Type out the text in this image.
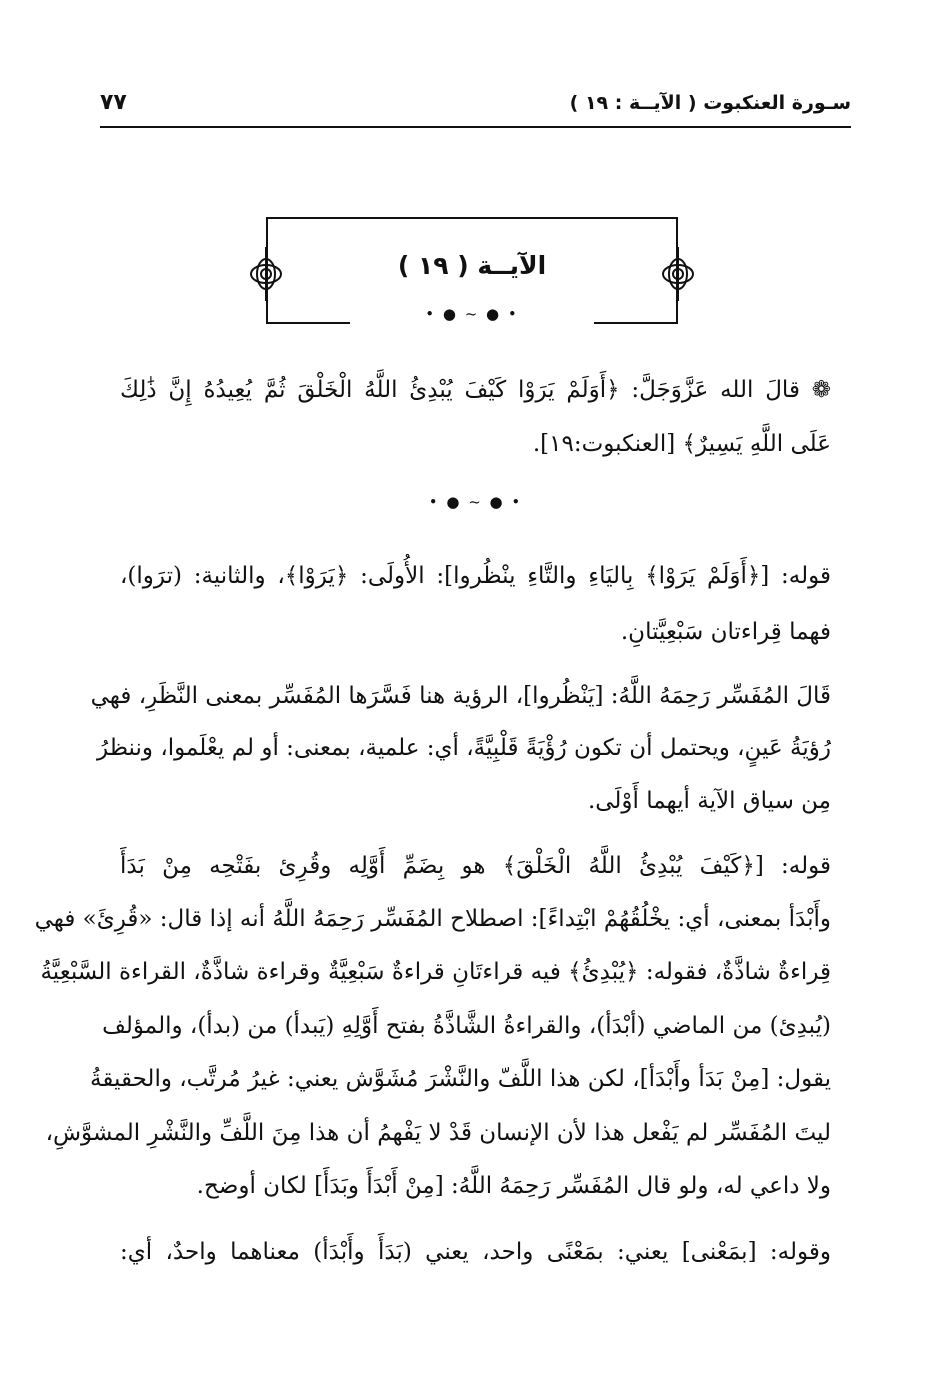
سـورة العنكبوت ( الآيــة : ١٩ )
٧٧
الآيــة ( ١٩ )
• ● ~ ● •
❁ قالَ الله عَزَّوَجَلَّ: ﴿أَوَلَمْ يَرَوْا كَيْفَ يُبْدِئُ اللَّهُ الْخَلْقَ ثُمَّ يُعِيدُهُ إِنَّ ذَٰلِكَ
عَلَى اللَّهِ يَسِيرٌ﴾ [العنكبوت:١٩].
• ● ~ ● •
قوله: [﴿أَوَلَمْ يَرَوْا﴾ بِاليَاءِ والتَّاءِ ينْظُروا]: الأُولَى: ﴿يَرَوْا﴾، والثانية: (ترَوا)،
فهما قِراءتان سَبْعِيَّتانِ.
قَالَ المُفَسِّر رَحِمَهُ اللَّهُ: [يَنْظُروا]، الرؤية هنا فَسَّرَها المُفَسِّر بمعنى النَّظَرِ، فهي
رُؤيَةُ عَينٍ، ويحتمل أن تكون رُؤْيَةً قَلْبِيَّةً، أي: علمية، بمعنى: أو لم يعْلَموا، وننظرُ
مِن سياق الآية أيهما أَوْلَى.
قوله: [﴿كَيْفَ يُبْدِئُ اللَّهُ الْخَلْقَ﴾ هو بِضَمِّ أَوَّلِه وقُرِئ بفَتْحِه مِنْ بَدَأَ
وأَبْدَأ بمعنى، أي: يخْلُقُهُمْ ابْتِداءً]: اصطلاح المُفَسِّر رَحِمَهُ اللَّهُ أنه إذا قال: «قُرِئَ» فهي
قِراءةٌ شاذَّةٌ، فقوله: ﴿يُبْدِئُ﴾ فيه قراءتَانِ قراءةٌ سَبْعِيَّةٌ وقراءة شاذَّةٌ، القراءة السَّبْعِيَّةُ
(يُبدِئ) من الماضي (أبْدَأ)، والقراءةُ الشَّاذَّةُ بفتح أَوَّلِهِ (يَبدأ) من (بدأ)، والمؤلف
يقول: [مِنْ بَدَأ وأَبْدَأ]، لكن هذا اللَّفّ والنَّشْرَ مُشَوَّش يعني: غيرُ مُرتَّب، والحقيقةُ
ليتَ المُفَسِّر لم يَفْعل هذا لأن الإنسان قَدْ لا يَفْهمُ أن هذا مِنَ اللَّفِّ والنَّشْرِ المشوَّشِ،
ولا داعي له، ولو قال المُفَسِّر رَحِمَهُ اللَّهُ: [مِنْ أَبْدَأَ وبَدَأَ] لكان أوضح.
وقوله: [بمَعْنى] يعني: بمَعْنًى واحد، يعني (بَدَأَ وأَبْدَأ) معناهما واحدٌ، أي:
